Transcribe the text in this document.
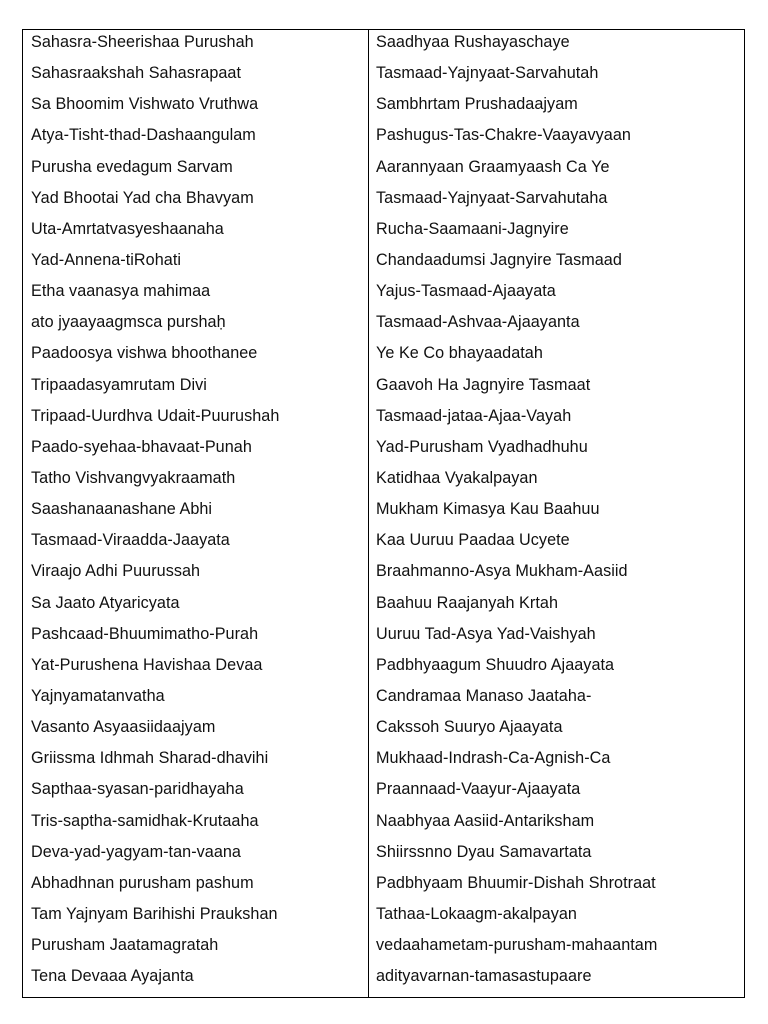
Sahasra-Sheerishaa Purushah
Sahasraakshah Sahasrapaat
Sa Bhoomim Vishwato Vruthwa
Atya-Tisht-thad-Dashaangulam
Purusha evedagum Sarvam
Yad Bhootai Yad cha Bhavyam
Uta-Amrtatvasyeshaanaha
Yad-Annena-tiRohati
Etha vaanasya mahimaa
ato jyaayaagmsca purshaḥ
Paadoosya vishwa bhoothanee
Tripaadasyamrutam Divi
Tripaad-Uurdhva Udait-Puurushah
Paado-syehaa-bhavaat-Punah
Tatho Vishvangvyakraamath
Saashanaanashane Abhi
Tasmaad-Viraadda-Jaayata
Viraajo Adhi Puurussah
Sa Jaato Atyaricyata
Pashcaad-Bhuumimatho-Purah
Yat-Purushena Havishaa Devaa
Yajnyamatanvatha
Vasanto Asyaasiidaajyam
Griissma Idhmah Sharad-dhavihi
Sapthaa-syasan-paridhayaha
Tris-saptha-samidhak-Krutaaha
Deva-yad-yagyam-tan-vaana
Abhadhnan purusham pashum
Tam Yajnyam Barihishi Praukshan
Purusham Jaatamagratah
Tena Devaaa Ayajanta
Saadhyaa Rushayaschaye
Tasmaad-Yajnyaat-Sarvahutah
Sambhrtam Prushadaajyam
Pashugus-Tas-Chakre-Vaayavyaan
Aarannyaan Graamyaash Ca Ye
Tasmaad-Yajnyaat-Sarvahutaha
Rucha-Saamaani-Jagnyire
Chandaadumsi Jagnyire Tasmaad
Yajus-Tasmaad-Ajaayata
Tasmaad-Ashvaa-Ajaayanta
Ye Ke Co bhayaadatah
Gaavoh Ha Jagnyire Tasmaat
Tasmaad-jataa-Ajaa-Vayah
Yad-Purusham Vyadhadhuhu
Katidhaa Vyakalpayan
Mukham Kimasya Kau Baahuu
Kaa Uuruu Paadaa Ucyete
Braahmanno-Asya Mukham-Aasiid
Baahuu Raajanyah Krtah
Uuruu Tad-Asya Yad-Vaishyah
Padbhyaagum Shuudro Ajaayata
Candramaa Manaso Jaataha-
Cakssoh Suuryo Ajaayata
Mukhaad-Indrash-Ca-Agnish-Ca
Praannaad-Vaayur-Ajaayata
Naabhyaa Aasiid-Antariksham
Shiirssnno Dyau Samavartata
Padbhyaam Bhuumir-Dishah Shrotraat
Tathaa-Lokaagm-akalpayan
vedaahametam-purusham-mahaantam
adityavarnan-tamasastupaare
